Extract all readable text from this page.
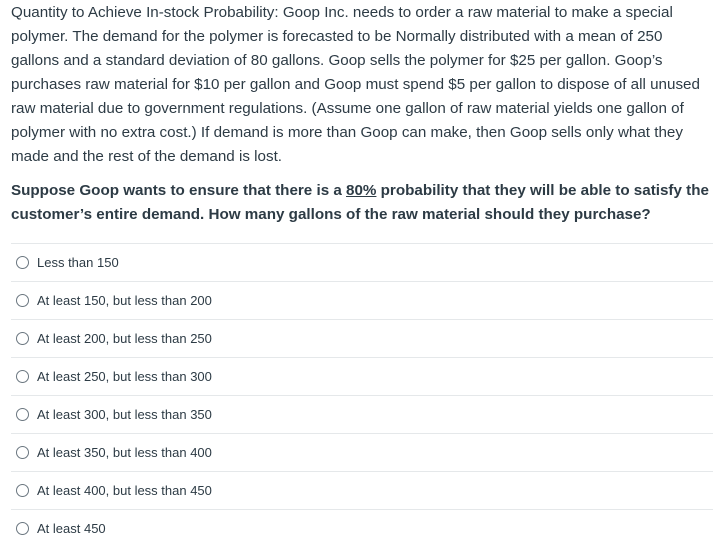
Quantity to Achieve In-stock Probability: Goop Inc. needs to order a raw material to make a special polymer. The demand for the polymer is forecasted to be Normally distributed with a mean of 250 gallons and a standard deviation of 80 gallons. Goop sells the polymer for $25 per gallon. Goop’s purchases raw material for $10 per gallon and Goop must spend $5 per gallon to dispose of all unused raw material due to government regulations. (Assume one gallon of raw material yields one gallon of polymer with no extra cost.) If demand is more than Goop can make, then Goop sells only what they made and the rest of the demand is lost.

Suppose Goop wants to ensure that there is a 80% probability that they will be able to satisfy the customer’s entire demand. How many gallons of the raw material should they purchase?

Less than 150
At least 150, but less than 200
At least 200, but less than 250
At least 250, but less than 300
At least 300, but less than 350
At least 350, but less than 400
At least 400, but less than 450
At least 450
